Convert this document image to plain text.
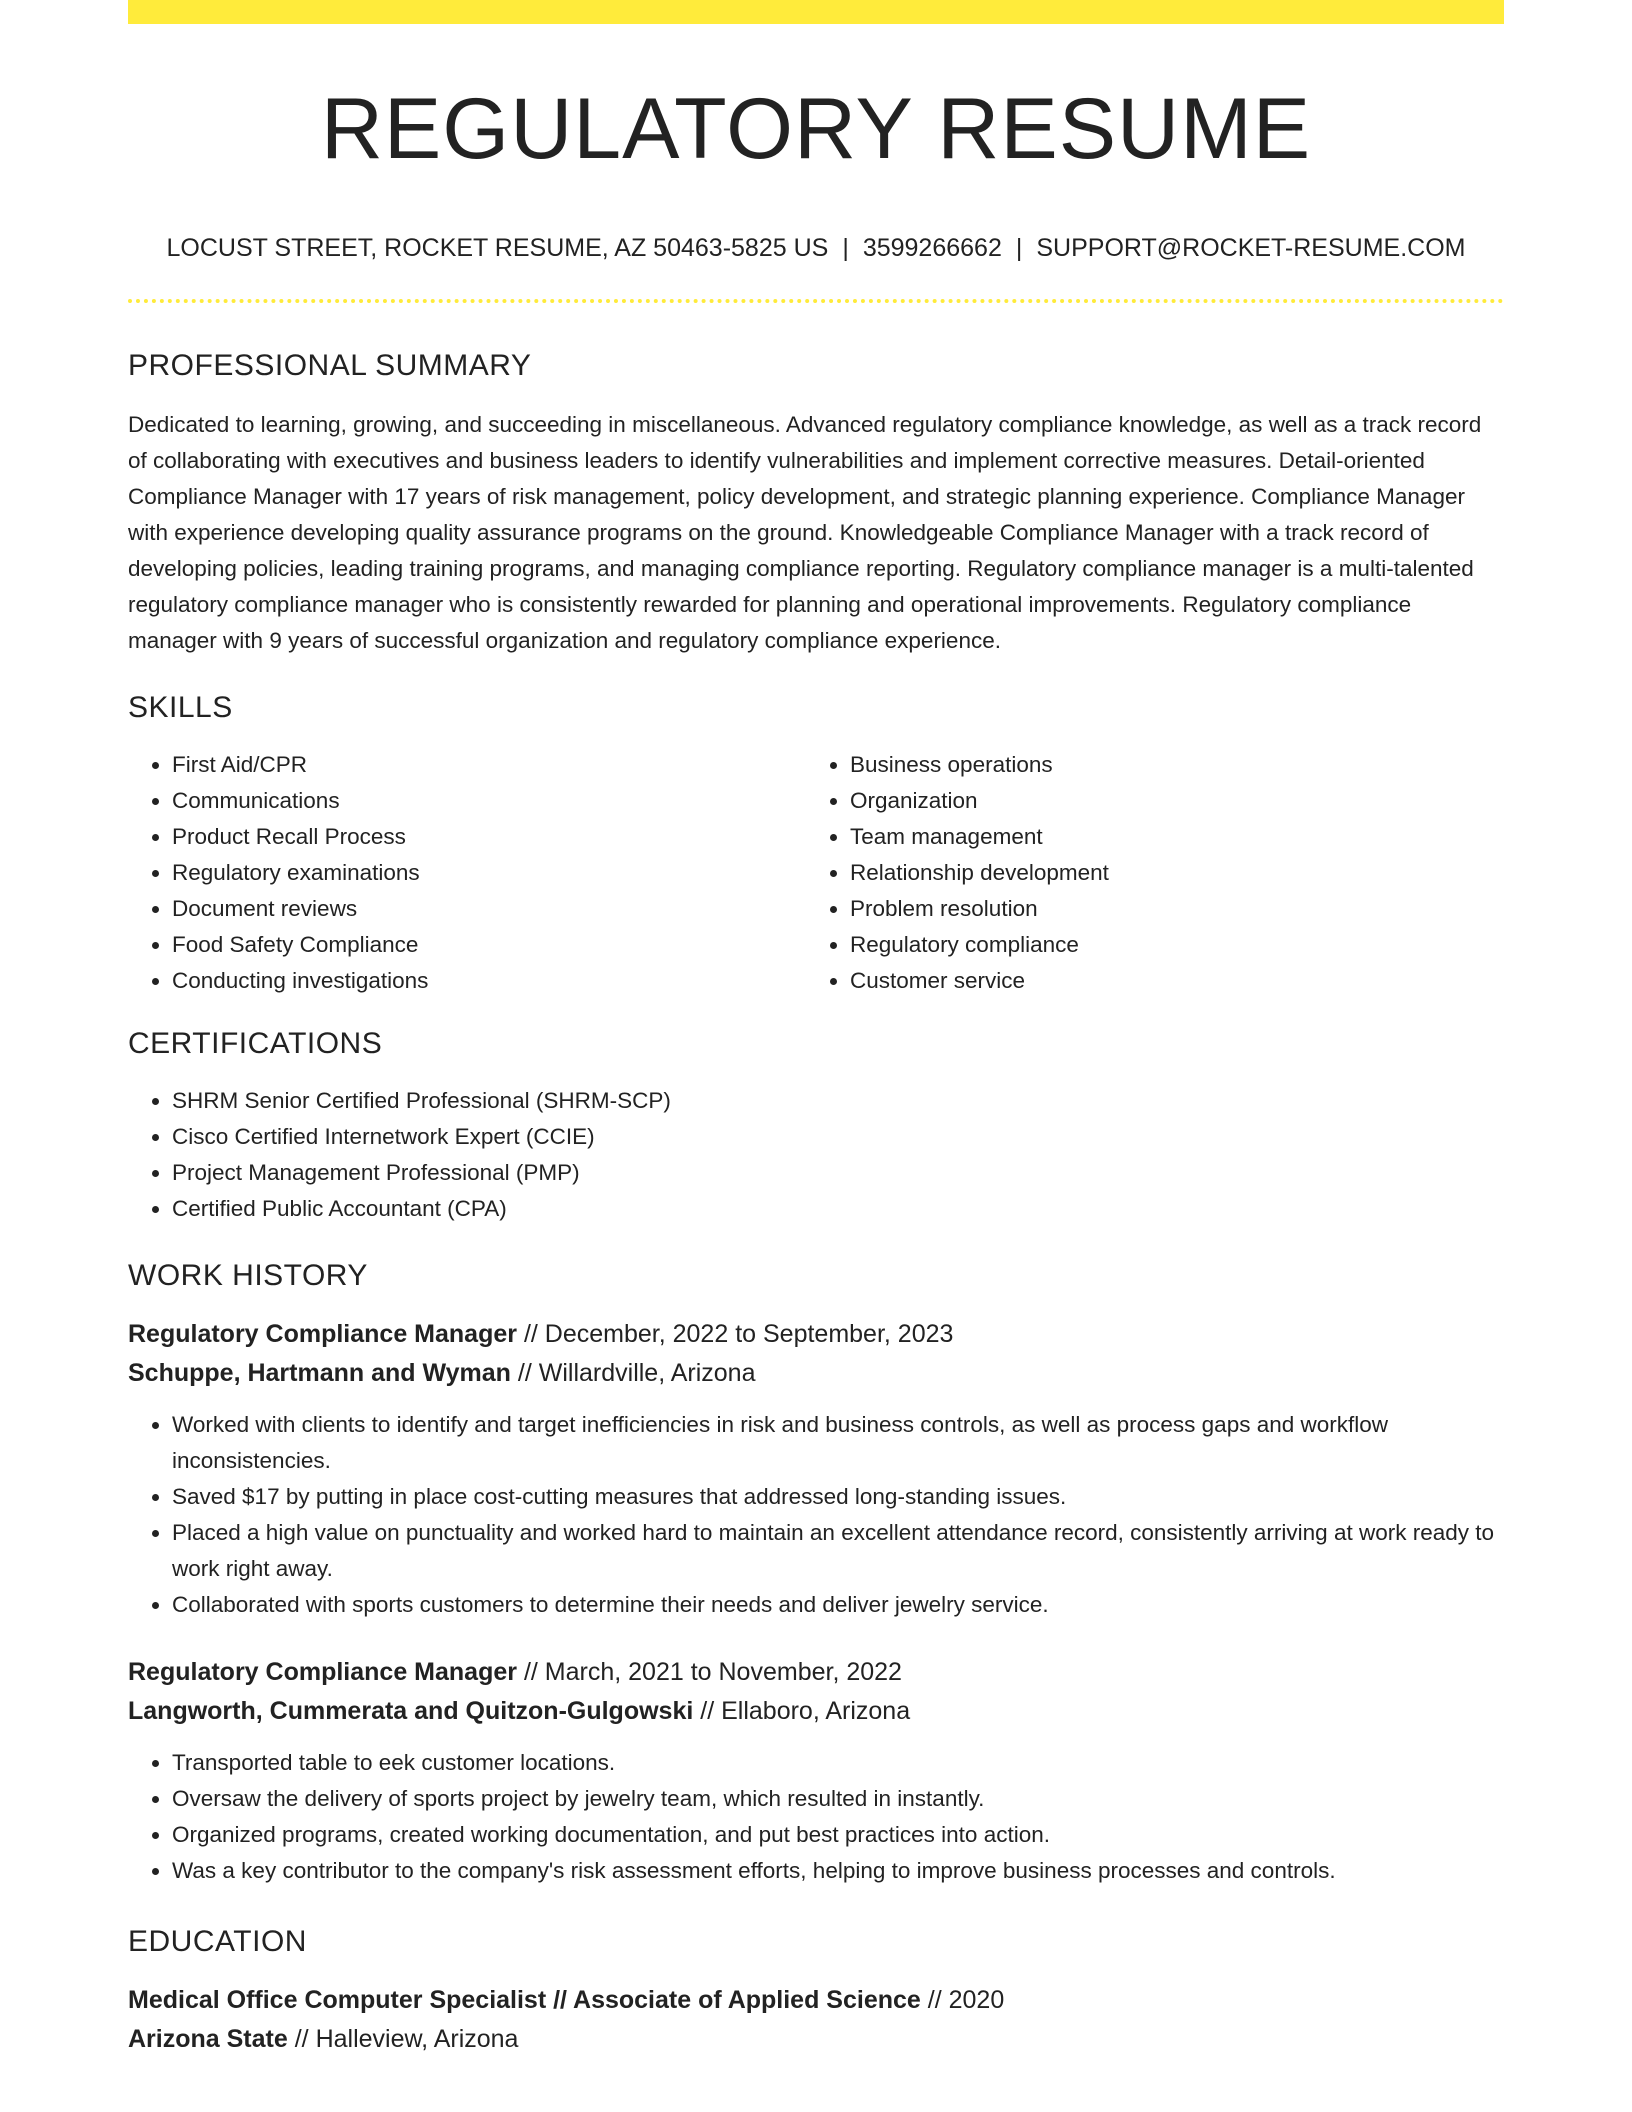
REGULATORY RESUME
LOCUST STREET, ROCKET RESUME, AZ 50463-5825 US | 3599266662 | SUPPORT@ROCKET-RESUME.COM
PROFESSIONAL SUMMARY
Dedicated to learning, growing, and succeeding in miscellaneous. Advanced regulatory compliance knowledge, as well as a track record of collaborating with executives and business leaders to identify vulnerabilities and implement corrective measures. Detail-oriented Compliance Manager with 17 years of risk management, policy development, and strategic planning experience. Compliance Manager with experience developing quality assurance programs on the ground. Knowledgeable Compliance Manager with a track record of developing policies, leading training programs, and managing compliance reporting. Regulatory compliance manager is a multi-talented regulatory compliance manager who is consistently rewarded for planning and operational improvements. Regulatory compliance manager with 9 years of successful organization and regulatory compliance experience.
SKILLS
• First Aid/CPR
• Communications
• Product Recall Process
• Regulatory examinations
• Document reviews
• Food Safety Compliance
• Conducting investigations
• Business operations
• Organization
• Team management
• Relationship development
• Problem resolution
• Regulatory compliance
• Customer service
CERTIFICATIONS
• SHRM Senior Certified Professional (SHRM-SCP)
• Cisco Certified Internetwork Expert (CCIE)
• Project Management Professional (PMP)
• Certified Public Accountant (CPA)
WORK HISTORY
Regulatory Compliance Manager // December, 2022 to September, 2023
Schuppe, Hartmann and Wyman // Willardville, Arizona
• Worked with clients to identify and target inefficiencies in risk and business controls, as well as process gaps and workflow inconsistencies.
• Saved $17 by putting in place cost-cutting measures that addressed long-standing issues.
• Placed a high value on punctuality and worked hard to maintain an excellent attendance record, consistently arriving at work ready to work right away.
• Collaborated with sports customers to determine their needs and deliver jewelry service.
Regulatory Compliance Manager // March, 2021 to November, 2022
Langworth, Cummerata and Quitzon-Gulgowski // Ellaboro, Arizona
• Transported table to eek customer locations.
• Oversaw the delivery of sports project by jewelry team, which resulted in instantly.
• Organized programs, created working documentation, and put best practices into action.
• Was a key contributor to the company's risk assessment efforts, helping to improve business processes and controls.
EDUCATION
Medical Office Computer Specialist // Associate of Applied Science // 2020
Arizona State // Halleview, Arizona
